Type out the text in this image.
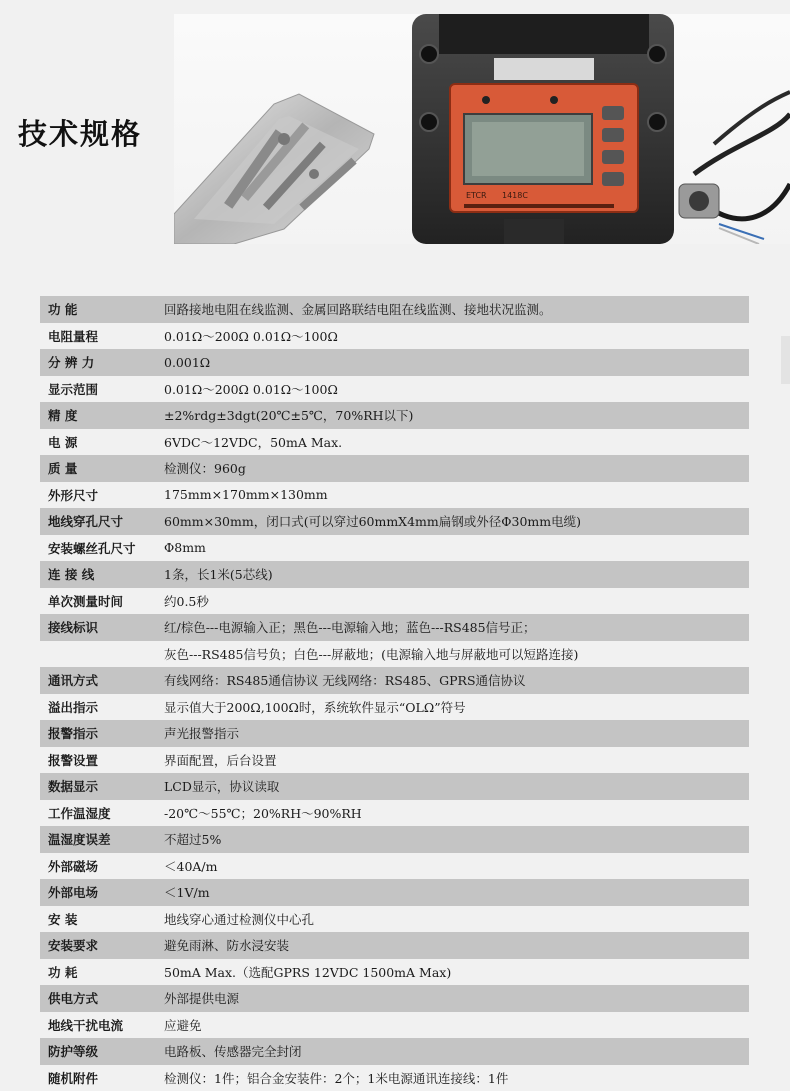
技术规格
ETCR 1418C
功 能	回路接地电阻在线监测、金属回路联结电阻在线监测、接地状况监测。
电阻量程	0.01Ω～200Ω 0.01Ω～100Ω
分 辨 力	0.001Ω
显示范围	0.01Ω～200Ω 0.01Ω～100Ω
精 度	±2%rdg±3dgt(20℃±5℃，70%RH以下)
电 源	6VDC～12VDC，50mA Max.
质 量	检测仪：960g
外形尺寸	175mm×170mm×130mm
地线穿孔尺寸	60mm×30mm，闭口式(可以穿过60mmX4mm扁钢或外径Φ30mm电缆)
安装螺丝孔尺寸	Φ8mm
连 接 线	1条，长1米(5芯线)
单次测量时间	约0.5秒
接线标识	红/棕色---电源输入正；黑色---电源输入地；蓝色---RS485信号正；
灰色---RS485信号负；白色---屏蔽地；(电源输入地与屏蔽地可以短路连接)
通讯方式	有线网络：RS485通信协议 无线网络：RS485、GPRS通信协议
溢出指示	显示值大于200Ω,100Ω时，系统软件显示“OLΩ”符号
报警指示	声光报警指示
报警设置	界面配置，后台设置
数据显示	LCD显示，协议读取
工作温湿度	-20℃～55℃；20%RH～90%RH
温湿度误差	不超过5%
外部磁场	＜40A/m
外部电场	＜1V/m
安 装	地线穿心通过检测仪中心孔
安装要求	避免雨淋、防水浸安装
功 耗	50mA Max.（选配GPRS 12VDC 1500mA Max)
供电方式	外部提供电源
地线干扰电流	应避免
防护等级	电路板、传感器完全封闭
随机附件	检测仪：1件；铝合金安装件：2个；1米电源通讯连接线：1件
